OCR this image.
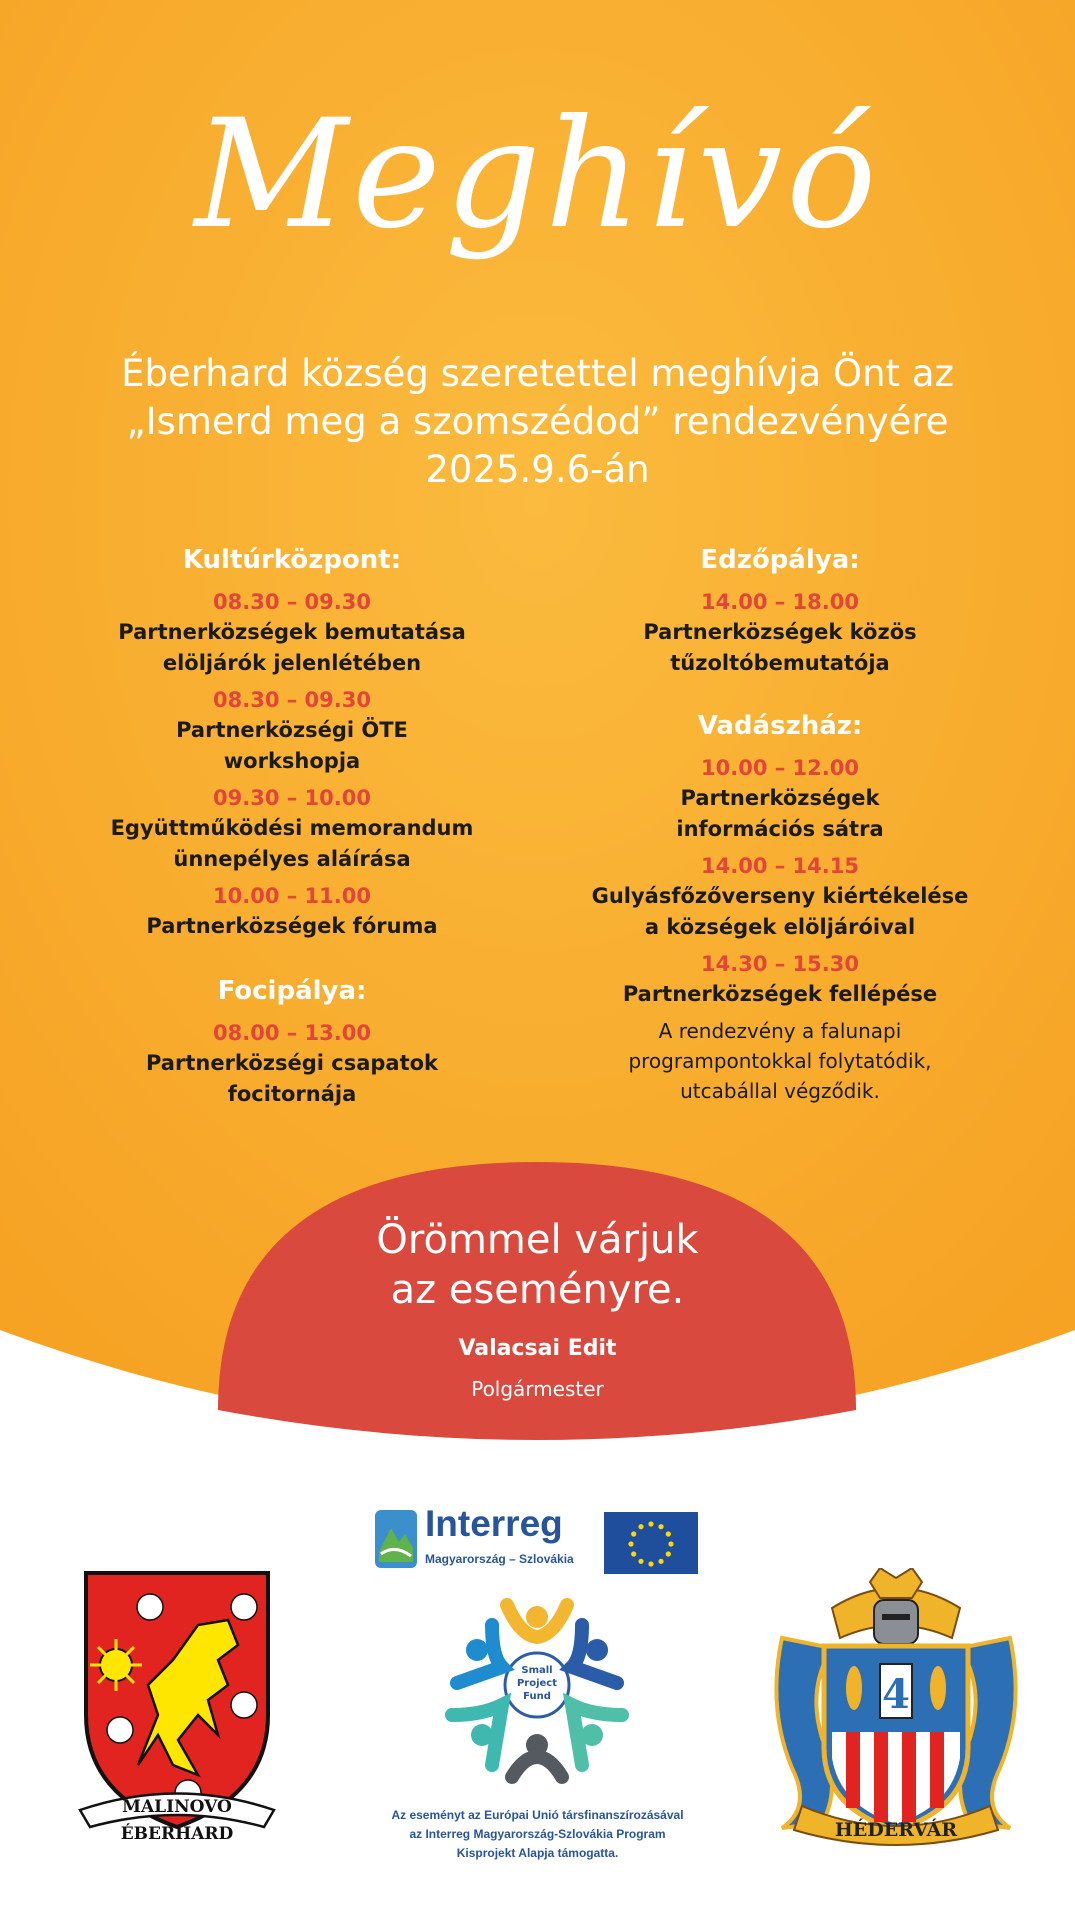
Meghívó
Éberhard község szeretettel meghívja Önt az
„Ismerd meg a szomszédod” rendezvényére
2025.9.6-án
Kultúrközpont:
08.30 – 09.30
Partnerközségek bemutatása
elöljárók jelenlétében
08.30 – 09.30
Partnerközségi ÖTE
workshopja
09.30 – 10.00
Együttműködési memorandum
ünnepélyes aláírása
10.00 – 11.00
Partnerközségek fóruma
Focipálya:
08.00 – 13.00
Partnerközségi csapatok
focitornája
Edzőpálya:
14.00 – 18.00
Partnerközségek közös
tűzoltóbemutatója
Vadászház:
10.00 – 12.00
Partnerközségek
információs sátra
14.00 – 14.15
Gulyásfőzőverseny kiértékelése
a községek elöljáróival
14.30 – 15.30
Partnerközségek fellépése
A rendezvény a falunapi
programpontokkal folytatódik,
utcabállal végződik.
Örömmel várjuk
az eseményre.
Valacsai Edit
Polgármester
Interreg
Magyarország – Szlovákia
Small
Project
Fund
Az eseményt az Európai Unió társfinanszírozásával
az Interreg Magyarország-Szlovákia Program
Kisprojekt Alapja támogatta.
MALINOVO
ÉBERHARD
4
HÉDERVÁR
